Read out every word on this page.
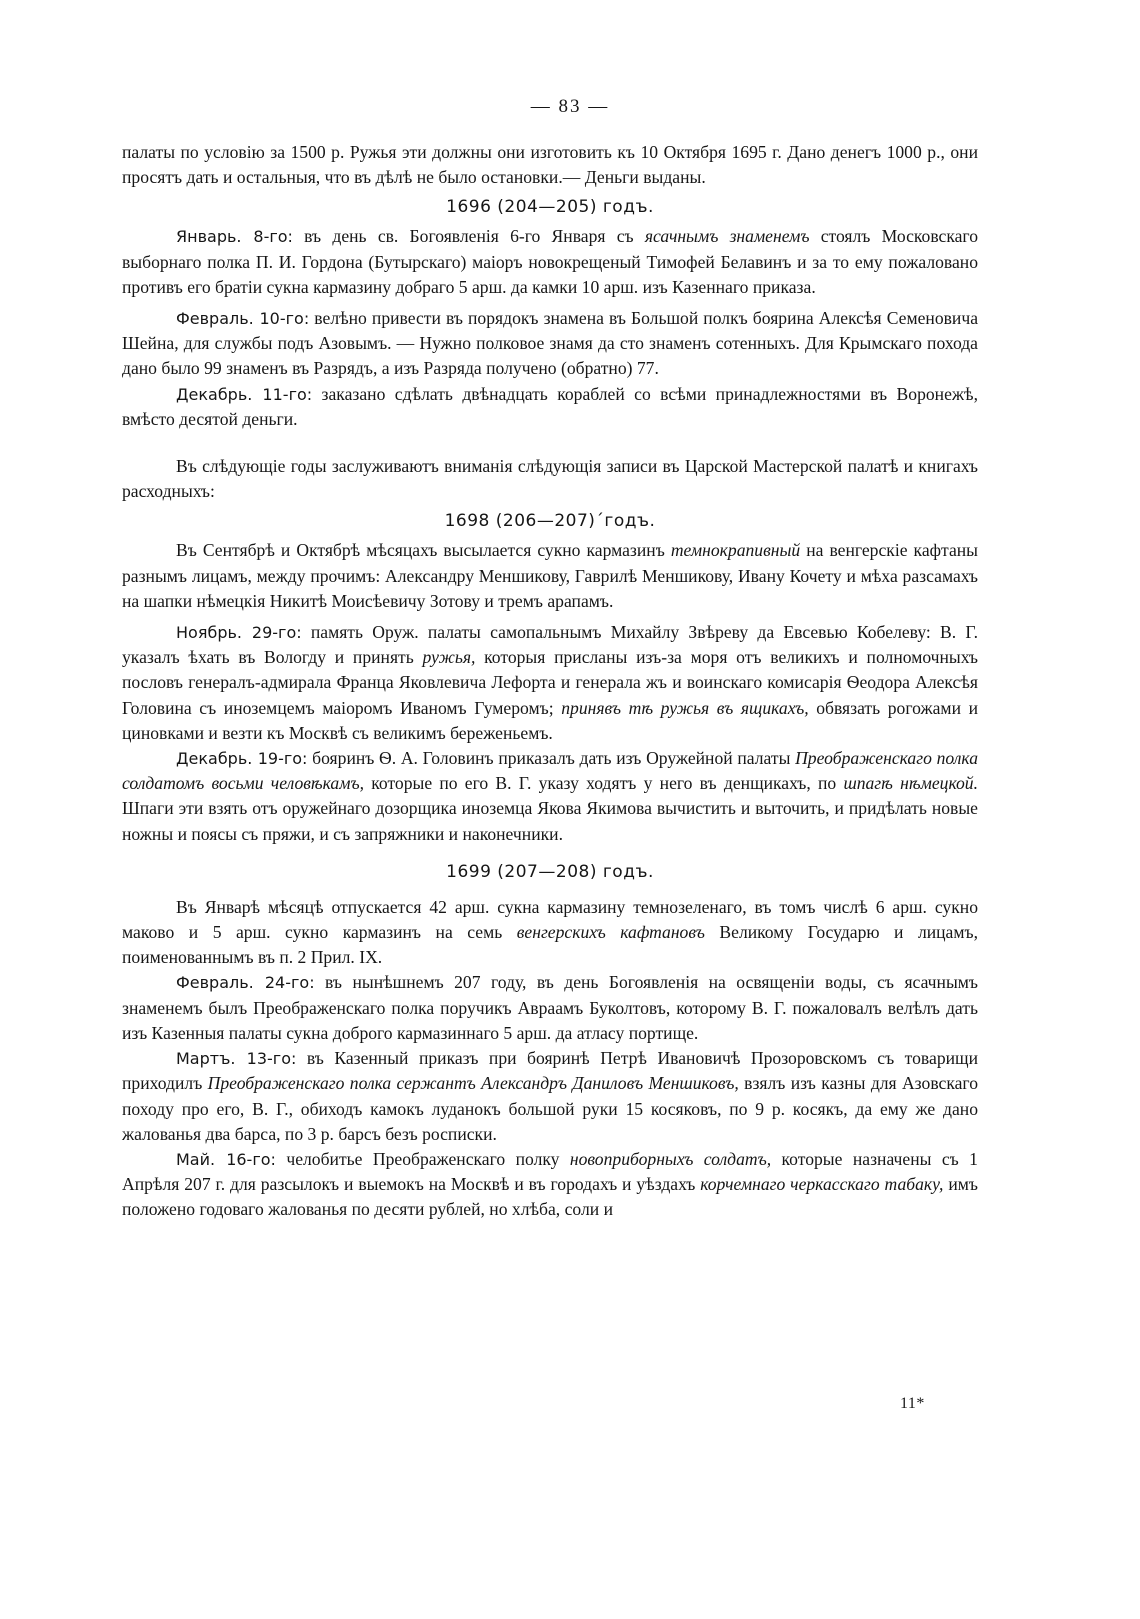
— 83 —

палаты по условію за 1500 р. Ружья эти должны они изготовить къ 10 Октября 1695 г. Дано денегъ 1000 р., они просятъ дать и остальныя, что въ дѣлѣ не было остановки.— Деньги выданы.

1696 (204—205) годъ.

Январь. 8-го: въ день св. Богоявленія 6-го Января съ ясачнымъ знаменемъ стоялъ Московскаго выборнаго полка П. И. Гордона (Бутырскаго) маіоръ новокрещеный Тимофей Белавинъ и за то ему пожаловано противъ его братіи сукна кармазину добраго 5 арш. да камки 10 арш. изъ Казеннаго приказа.

Февраль. 10-го: велѣно привести въ порядокъ знамена въ Большой полкъ боярина Алексѣя Семеновича Шейна, для службы подъ Азовымъ. — Нужно полковое знамя да сто знаменъ сотенныхъ. Для Крымскаго похода дано было 99 знаменъ въ Разрядъ, а изъ Разряда получено (обратно) 77.

Декабрь. 11-го: заказано сдѣлать двѣнадцать кораблей со всѣми принадлежностями въ Воронежѣ, вмѣсто десятой деньги.

Въ слѣдующіе годы заслуживаютъ вниманія слѣдующія записи въ Царской Мастерской палатѣ и книгахъ расходныхъ:

1698 (206—207)΄годъ.

Въ Сентябрѣ и Октябрѣ мѣсяцахъ высылается сукно кармазинъ темнокрапивный на венгерскіе кафтаны разнымъ лицамъ, между прочимъ: Александру Меншикову, Гаврилѣ Меншикову, Ивану Кочету и мѣха разсамахъ на шапки нѣмецкія Никитѣ Моисѣевичу Зотову и тремъ арапамъ.

Ноябрь. 29-го: память Оруж. палаты самопальнымъ Михайлу Звѣреву да Евсевью Кобелеву: В. Г. указалъ ѣхать въ Вологду и принять ружья, которыя присланы изъ-за моря отъ великихъ и полномочныхъ пословъ генералъ-адмирала Франца Яковлевича Лефорта и генерала жъ и воинскаго комисарія Ѳеодора Алексѣя Головина съ иноземцемъ маіоромъ Иваномъ Гумеромъ; принявъ тѣ ружья въ ящикахъ, обвязать рогожами и циновками и везти къ Москвѣ съ великимъ береженьемъ.

Декабрь. 19-го: бояринъ Ѳ. А. Головинъ приказалъ дать изъ Оружейной палаты Преображенскаго полка солдатомъ восьми человѣкамъ, которые по его В. Г. указу ходятъ у него въ денщикахъ, по шпагѣ нѣмецкой. Шпаги эти взять отъ оружейнаго дозорщика иноземца Якова Якимова вычистить и выточить, и придѣлать новые ножны и поясы съ пряжи, и съ запряжники и наконечники.

1699 (207—208) годъ.

Въ Январѣ мѣсяцѣ отпускается 42 арш. сукна кармазину темнозеленаго, въ томъ числѣ 6 арш. сукно маково и 5 арш. сукно кармазинъ на семь венгерскихъ кафтановъ Великому Государю и лицамъ, поименованнымъ въ п. 2 Прил. IX.

Февраль. 24-го: въ нынѣшнемъ 207 году, въ день Богоявленія на освященіи воды, съ ясачнымъ знаменемъ былъ Преображенскаго полка поручикъ Авраамъ Буколтовъ, которому В. Г. пожаловалъ велѣлъ дать изъ Казенныя палаты сукна доброго кармазиннаго 5 арш. да атласу портище.

Мартъ. 13-го: въ Казенный приказъ при бояринѣ Петрѣ Ивановичѣ Прозоровскомъ съ товарищи приходилъ Преображенскаго полка сержантъ Александръ Даниловъ Меншиковъ, взялъ изъ казны для Азовскаго походу про его, В. Г., обиходъ камокъ луданокъ большой руки 15 косяковъ, по 9 р. косякъ, да ему же дано жалованья два барса, по 3 р. барсъ безъ росписки.

Май. 16-го: челобитье Преображенскаго полку новоприборныхъ солдатъ, которые назначены съ 1 Апрѣля 207 г. для разсылокъ и выемокъ на Москвѣ и въ городахъ и уѣздахъ корчемнаго черкасскаго табаку, имъ положено годоваго жалованья по десяти рублей, но хлѣба, соли и

11*
